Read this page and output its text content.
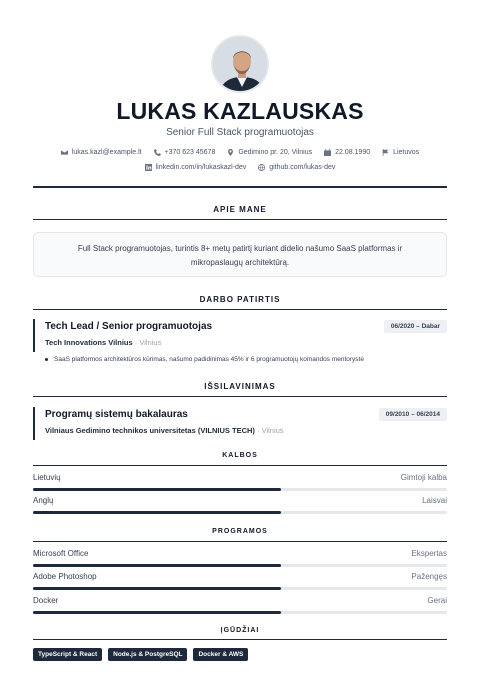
LUKAS KAZLAUSKAS
Senior Full Stack programuotojas
lukas.kazl@example.lt
	+370 623 45678
	Gedimino pr. 20, Vilnius
	22.08.1990
	Lietuvos
linkedin.com/in/lukaskazl-dev
	github.com/lukas-dev
APIE MANE
Full Stack programuotojas, turintis 8+ metų patirtį kuriant didelio našumo SaaS platformas ir mikropaslaugų architektūrą.
DARBO PATIRTIS
Tech Lead / Senior programuotojas	06/2020 – Dabar
Tech Innovations Vilnius · Vilnius
SaaS platformos architektūros kūrimas, našumo padidinimas 45% ir 6 programuotojų komandos mentorystė
IŠSILAVINIMAS
Programų sistemų bakalauras	09/2010 – 06/2014
Vilniaus Gedimino technikos universitetas (VILNIUS TECH) · Vilnius
KALBOS
Lietuvių	Gimtoji kalba
Anglų	Laisvai
PROGRAMOS
Microsoft Office	Ekspertas
Adobe Photoshop	Pažengęs
Docker	Gerai
ĮGŪDŽIAI
TypeScript & React	Node.js & PostgreSQL	Docker & AWS
